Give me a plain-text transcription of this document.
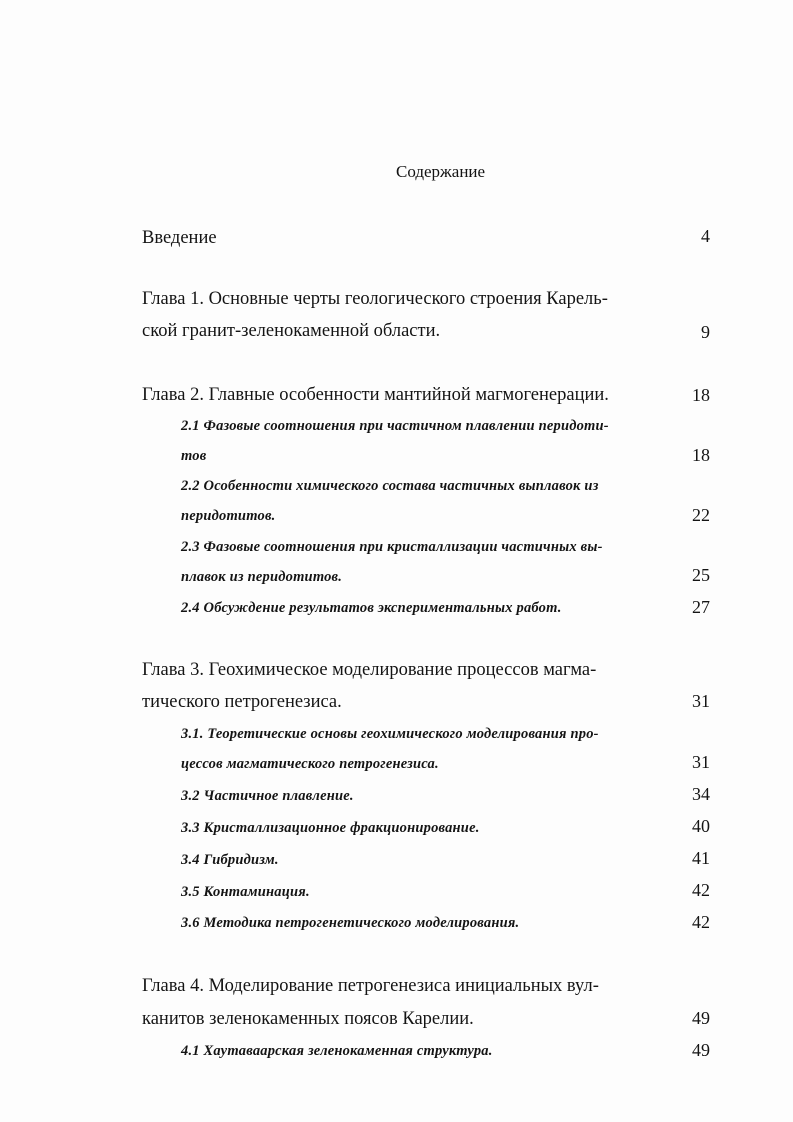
Содержание
Введение	4
Глава 1. Основные черты геологического строения Карель-
ской гранит-зеленокаменной области.	9
Глава 2. Главные особенности мантийной магмогенерации.	18
2.1 Фазовые соотношения при частичном плавлении перидоти-
тов	18
2.2 Особенности химического состава частичных выплавок из
перидотитов.	22
2.3 Фазовые соотношения при кристаллизации частичных вы-
плавок из перидотитов.	25
2.4 Обсуждение результатов экспериментальных работ.	27
Глава 3. Геохимическое моделирование процессов магма-
тического петрогенезиса.	31
3.1. Теоретические основы геохимического моделирования про-
цессов магматического петрогенезиса.	31
3.2 Частичное плавление.	34
3.3 Кристаллизационное фракционирование.	40
3.4 Гибридизм.	41
3.5 Контаминация.	42
3.6 Методика петрогенетического моделирования.	42
Глава 4. Моделирование петрогенезиса инициальных вул-
канитов зеленокаменных поясов Карелии.	49
4.1 Хаутаваарская зеленокаменная структура.	49
